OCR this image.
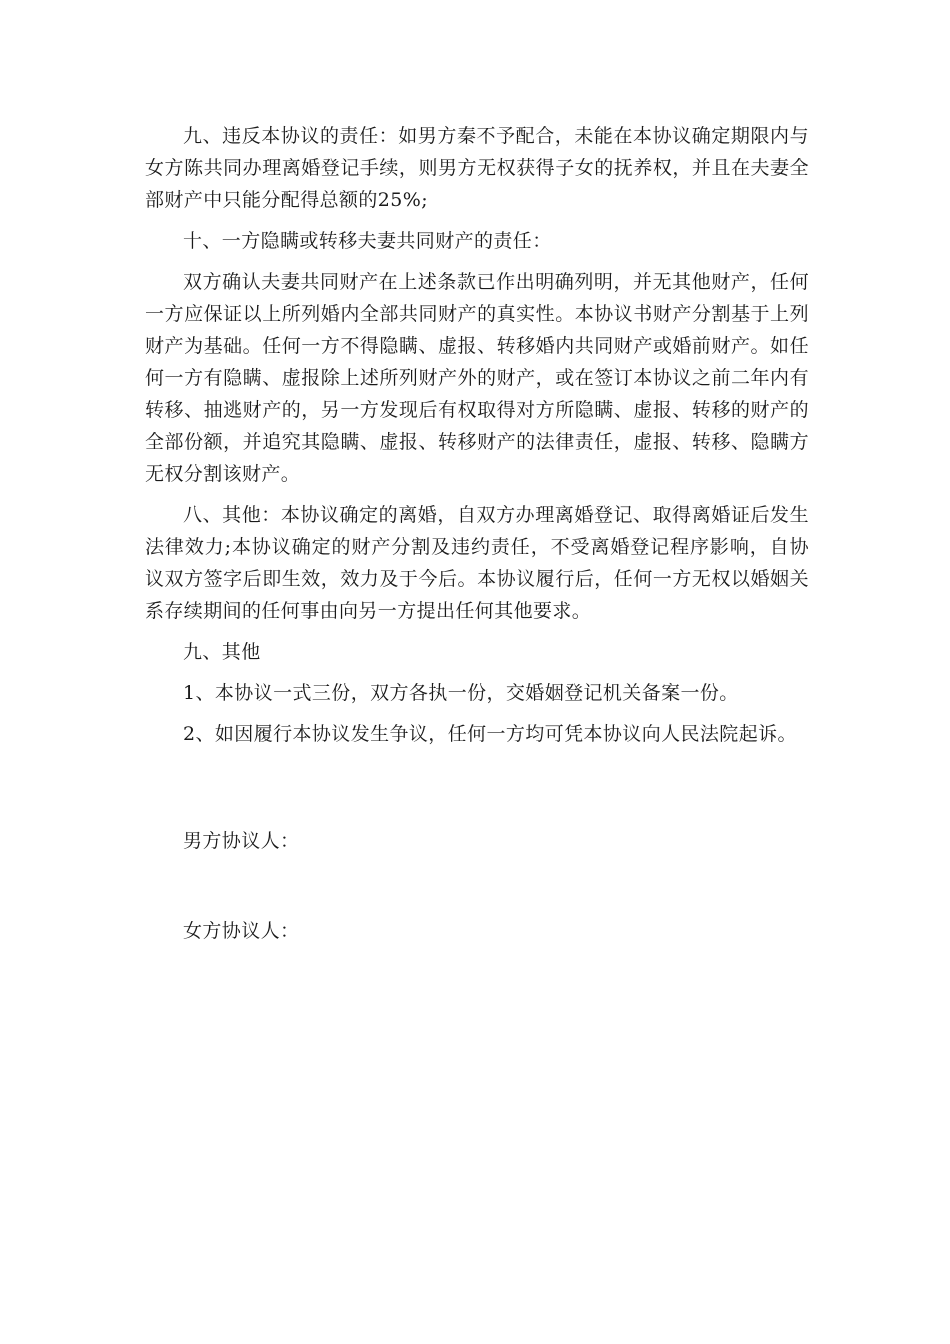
九、违反本协议的责任：如男方秦不予配合，未能在本协议确定期限内与女方陈共同办理离婚登记手续，则男方无权获得子女的抚养权，并且在夫妻全部财产中只能分配得总额的25%;

十、一方隐瞒或转移夫妻共同财产的责任：

双方确认夫妻共同财产在上述条款已作出明确列明，并无其他财产，任何一方应保证以上所列婚内全部共同财产的真实性。本协议书财产分割基于上列财产为基础。任何一方不得隐瞒、虚报、转移婚内共同财产或婚前财产。如任何一方有隐瞒、虚报除上述所列财产外的财产，或在签订本协议之前二年内有转移、抽逃财产的，另一方发现后有权取得对方所隐瞒、虚报、转移的财产的全部份额，并追究其隐瞒、虚报、转移财产的法律责任，虚报、转移、隐瞒方无权分割该财产。

八、其他：本协议确定的离婚，自双方办理离婚登记、取得离婚证后发生法律效力;本协议确定的财产分割及违约责任，不受离婚登记程序影响，自协议双方签字后即生效，效力及于今后。本协议履行后，任何一方无权以婚姻关系存续期间的任何事由向另一方提出任何其他要求。

九、其他

1、本协议一式三份，双方各执一份，交婚姻登记机关备案一份。

2、如因履行本协议发生争议，任何一方均可凭本协议向人民法院起诉。

男方协议人：

女方协议人：
